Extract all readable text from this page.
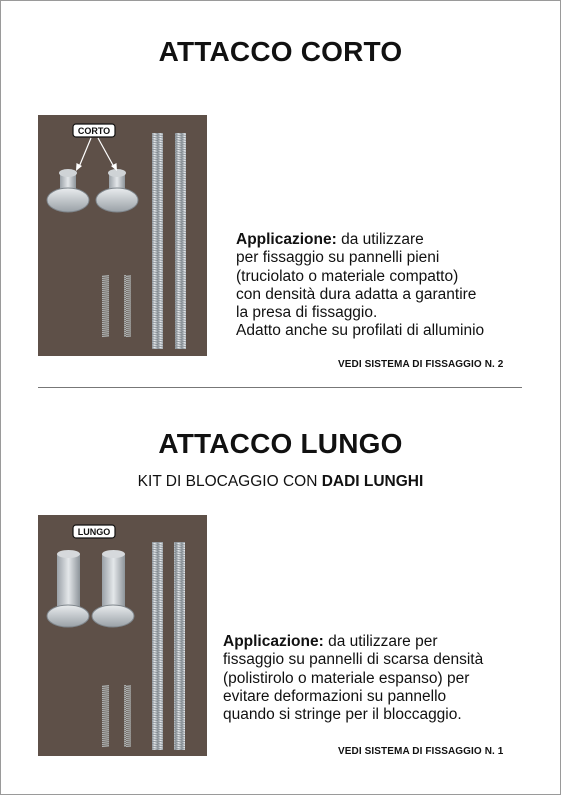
ATTACCO CORTO
CORTO
Applicazione: da utilizzare
per fissaggio su pannelli pieni
(truciolato o materiale compatto)
con densità dura adatta a garantire
la presa di fissaggio.
Adatto anche su profilati di alluminio
VEDI SISTEMA DI FISSAGGIO N. 2
ATTACCO LUNGO
KIT DI BLOCAGGIO CON DADI LUNGHI
LUNGO
Applicazione: da utilizzare per
fissaggio su pannelli di scarsa densità
(polistirolo o materiale espanso) per
evitare deformazioni su pannello
quando si stringe per il bloccaggio.
VEDI SISTEMA DI FISSAGGIO N. 1
